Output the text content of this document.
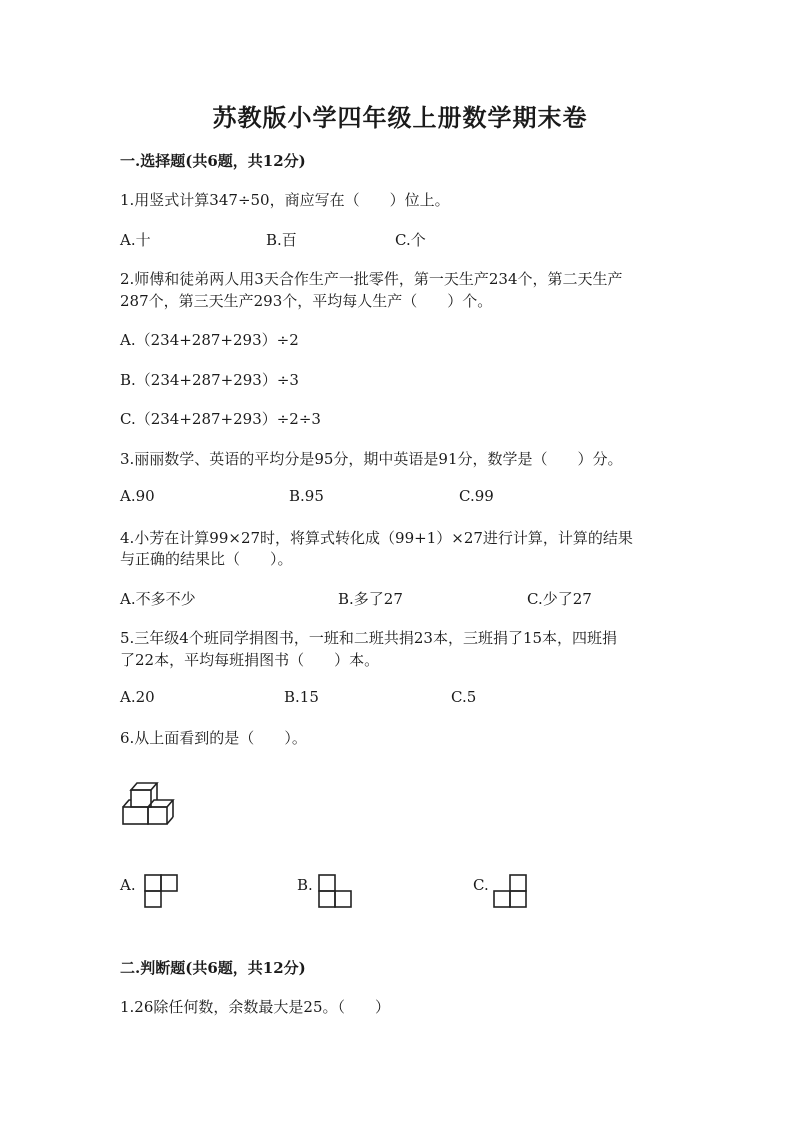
苏教版小学四年级上册数学期末卷
一.选择题(共6题，共12分)
1.用竖式计算347÷50，商应写在（　　）位上。
A.十	B.百	C.个
2.师傅和徒弟两人用3天合作生产一批零件，第一天生产234个，第二天生产
287个，第三天生产293个，平均每人生产（　　）个。
A.（234+287+293）÷2
B.（234+287+293）÷3
C.（234+287+293）÷2÷3
3.丽丽数学、英语的平均分是95分，期中英语是91分，数学是（　　）分。
A.90	B.95	C.99
4.小芳在计算99×27时，将算式转化成（99+1）×27进行计算，计算的结果
与正确的结果比（　　）。
A.不多不少	B.多了27	C.少了27
5.三年级4个班同学捐图书，一班和二班共捐23本，三班捐了15本，四班捐
了22本，平均每班捐图书（　　）本。
A.20	B.15	C.5
6.从上面看到的是（　　）。
A.	B.	C.
二.判断题(共6题，共12分)
1.26除任何数，余数最大是25。（　　）
